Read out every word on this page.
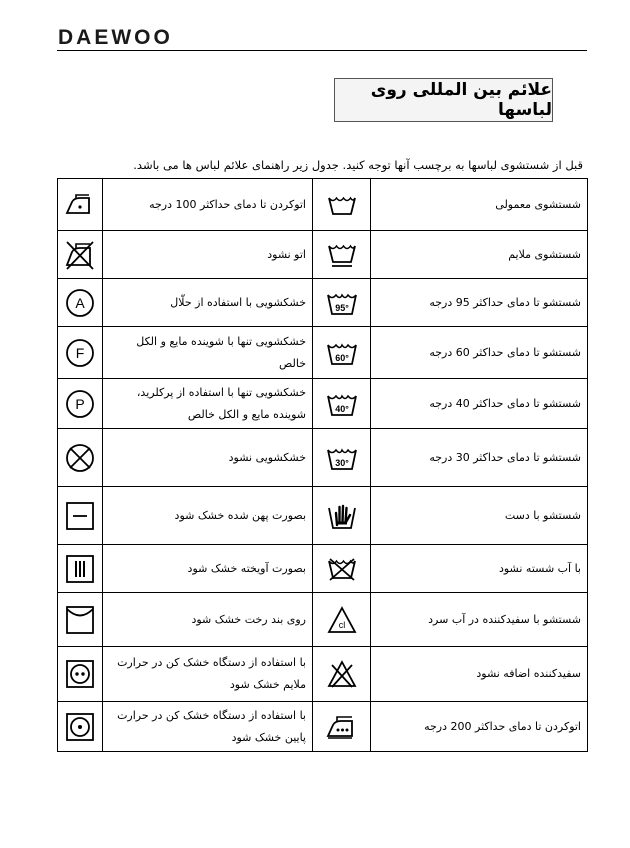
DAEWOO
علائم بین المللی روی لباسها
قبل از شستشوی لباسها به برچسب آنها توجه کنید. جدول زیر راهنمای علائم لباس ها می باشد.
شستشوی معمولی		اتوکردن تا دمای حداکثر 100 درجه	

شستشوی ملایم		اتو نشود	

شستشو تا دمای حداکثر 95 درجه	95°	خشکشویی با استفاده از حلّال	A

شستشو تا دمای حداکثر 60 درجه	60°	خشکشویی تنها با شوینده مایع و الکل خالص	F

شستشو تا دمای حداکثر 40 درجه	40°	خشکشویی تنها با استفاده از پرکلرید، شوینده مایع و الکل خالص	P

شستشو تا دمای حداکثر 30 درجه	30°	خشکشویی نشود	

شستشو با دست		بصورت پهن شده خشک شود	

با آب شسته نشود		بصورت آویخته خشک شود	

شستشو با سفیدکننده در آب سرد	cl	روی بند رخت خشک شود	

سفیدکننده اضافه نشود		با استفاده از دستگاه خشک کن در حرارت ملایم خشک شود	

اتوکردن تا دمای حداکثر 200 درجه		با استفاده از دستگاه خشک کن در حرارت پایین خشک شود	
